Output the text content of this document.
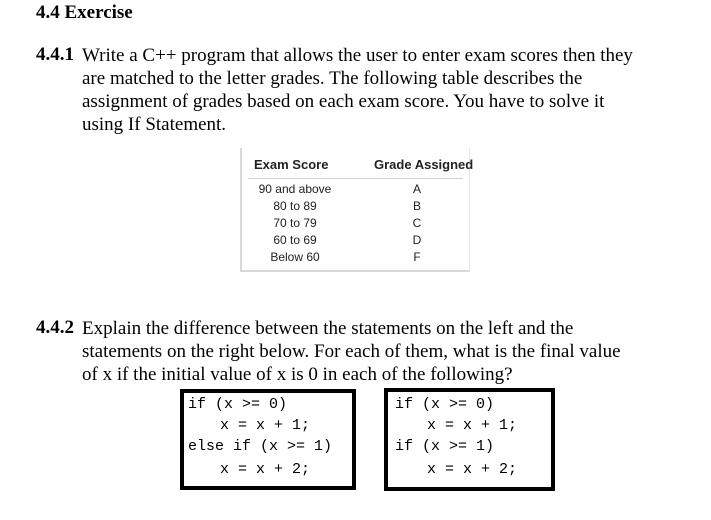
4.4 Exercise
4.4.1 Write a C++ program that allows the user to enter exam scores then they
are matched to the letter grades. The following table describes the
assignment of grades based on each exam score. You have to solve it
using If Statement.
Exam Score	Grade Assigned
90 and above	A
80 to 89	B
70 to 79	C
60 to 69	D
Below 60	F
4.4.2 Explain the difference between the statements on the left and the
statements on the right below. For each of them, what is the final value
of x if the initial value of x is 0 in each of the following?
if (x >= 0)
x = x + 1;
else if (x >= 1)
x = x + 2;
if (x >= 0)
x = x + 1;
if (x >= 1)
x = x + 2;
